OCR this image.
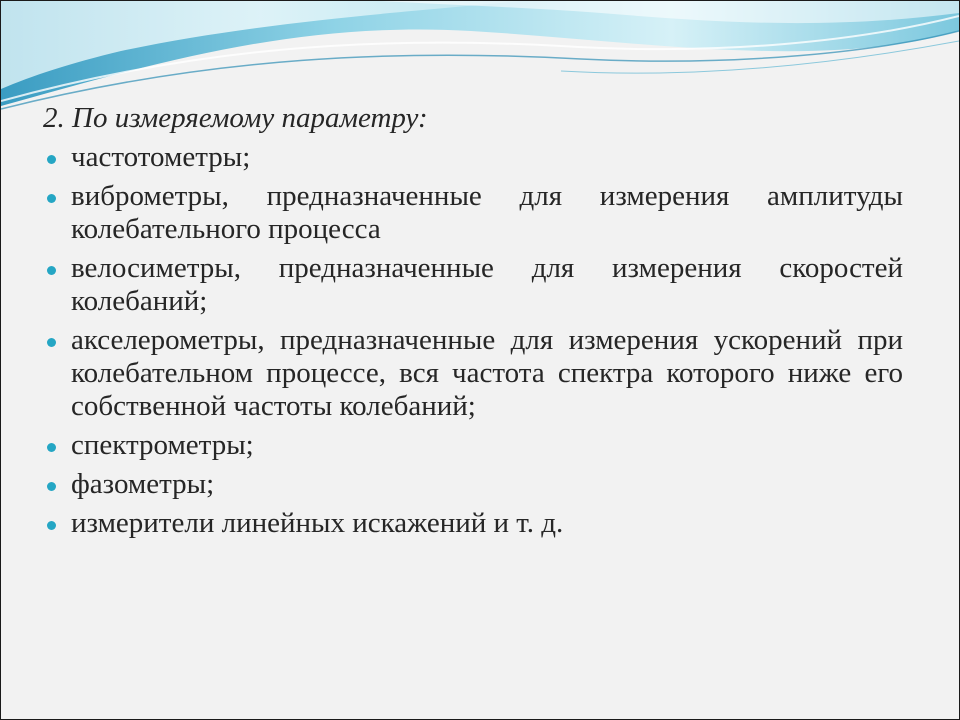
2. По измеряемому параметру:

частотометры;
виброметры, предназначенные для измерения амплитуды колебательного процесса
велосиметры, предназначенные для измерения скоростей колебаний;
акселерометры, предназначенные для измерения ускорений при колебательном процессе, вся частота спектра которого ниже его собственной частоты колебаний;
спектрометры;
фазометры;
измерители линейных искажений и т. д.
